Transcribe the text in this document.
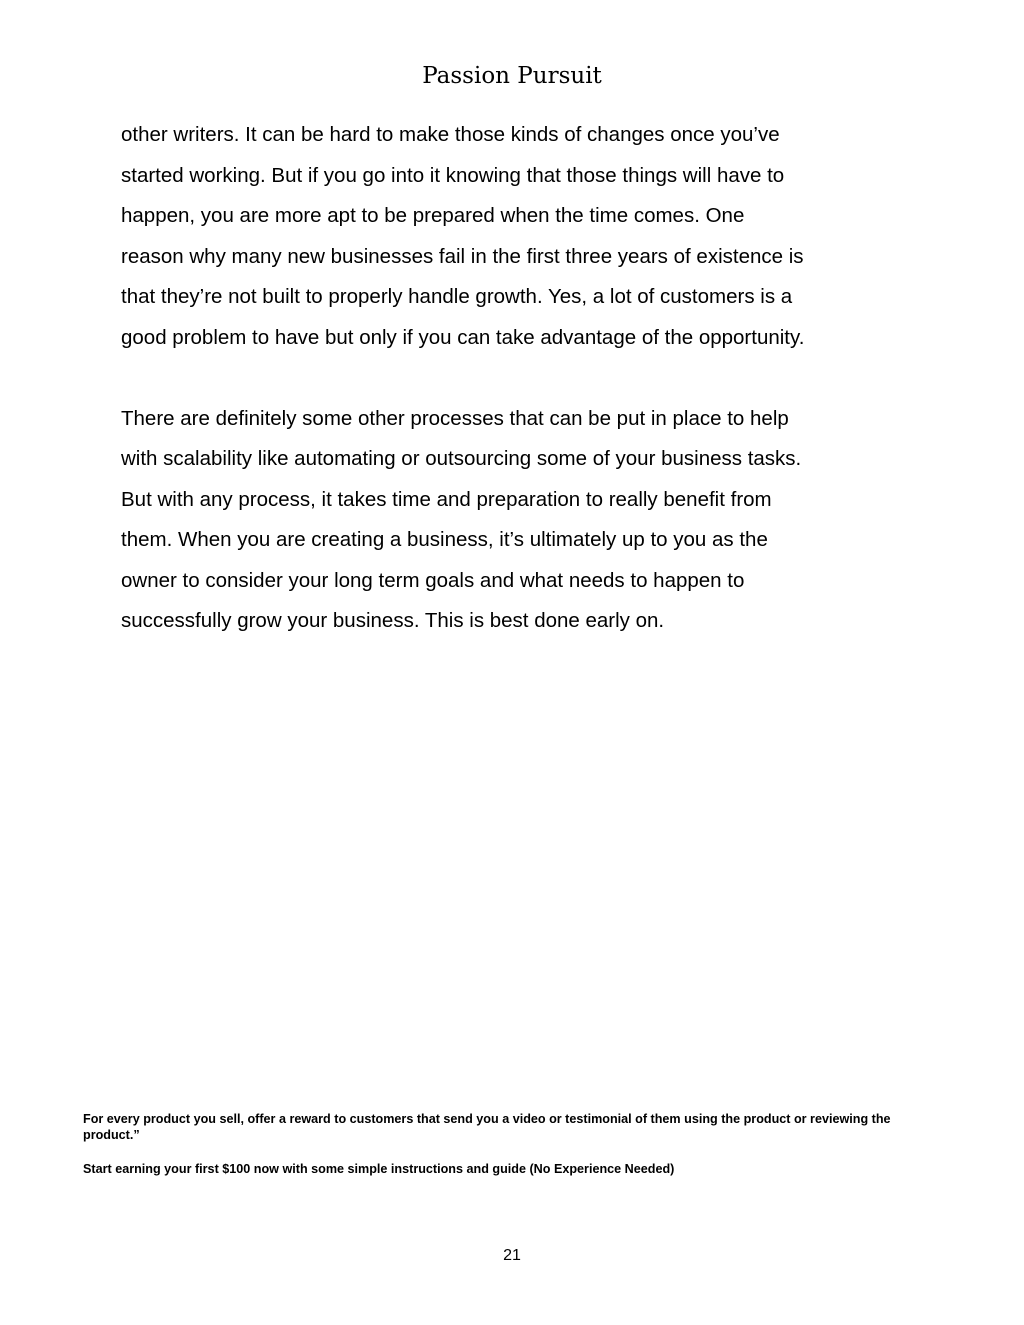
Passion Pursuit

other writers. It can be hard to make those kinds of changes once you’ve
started working. But if you go into it knowing that those things will have to
happen, you are more apt to be prepared when the time comes. One
reason why many new businesses fail in the first three years of existence is
that they’re not built to properly handle growth. Yes, a lot of customers is a
good problem to have but only if you can take advantage of the opportunity.

There are definitely some other processes that can be put in place to help
with scalability like automating or outsourcing some of your business tasks.
But with any process, it takes time and preparation to really benefit from
them. When you are creating a business, it’s ultimately up to you as the
owner to consider your long term goals and what needs to happen to
successfully grow your business. This is best done early on.

For every product you sell, offer a reward to customers that send you a video or testimonial of them using the product or reviewing the product.”

Start earning your first $100 now with some simple instructions and guide (No Experience Needed)

21
